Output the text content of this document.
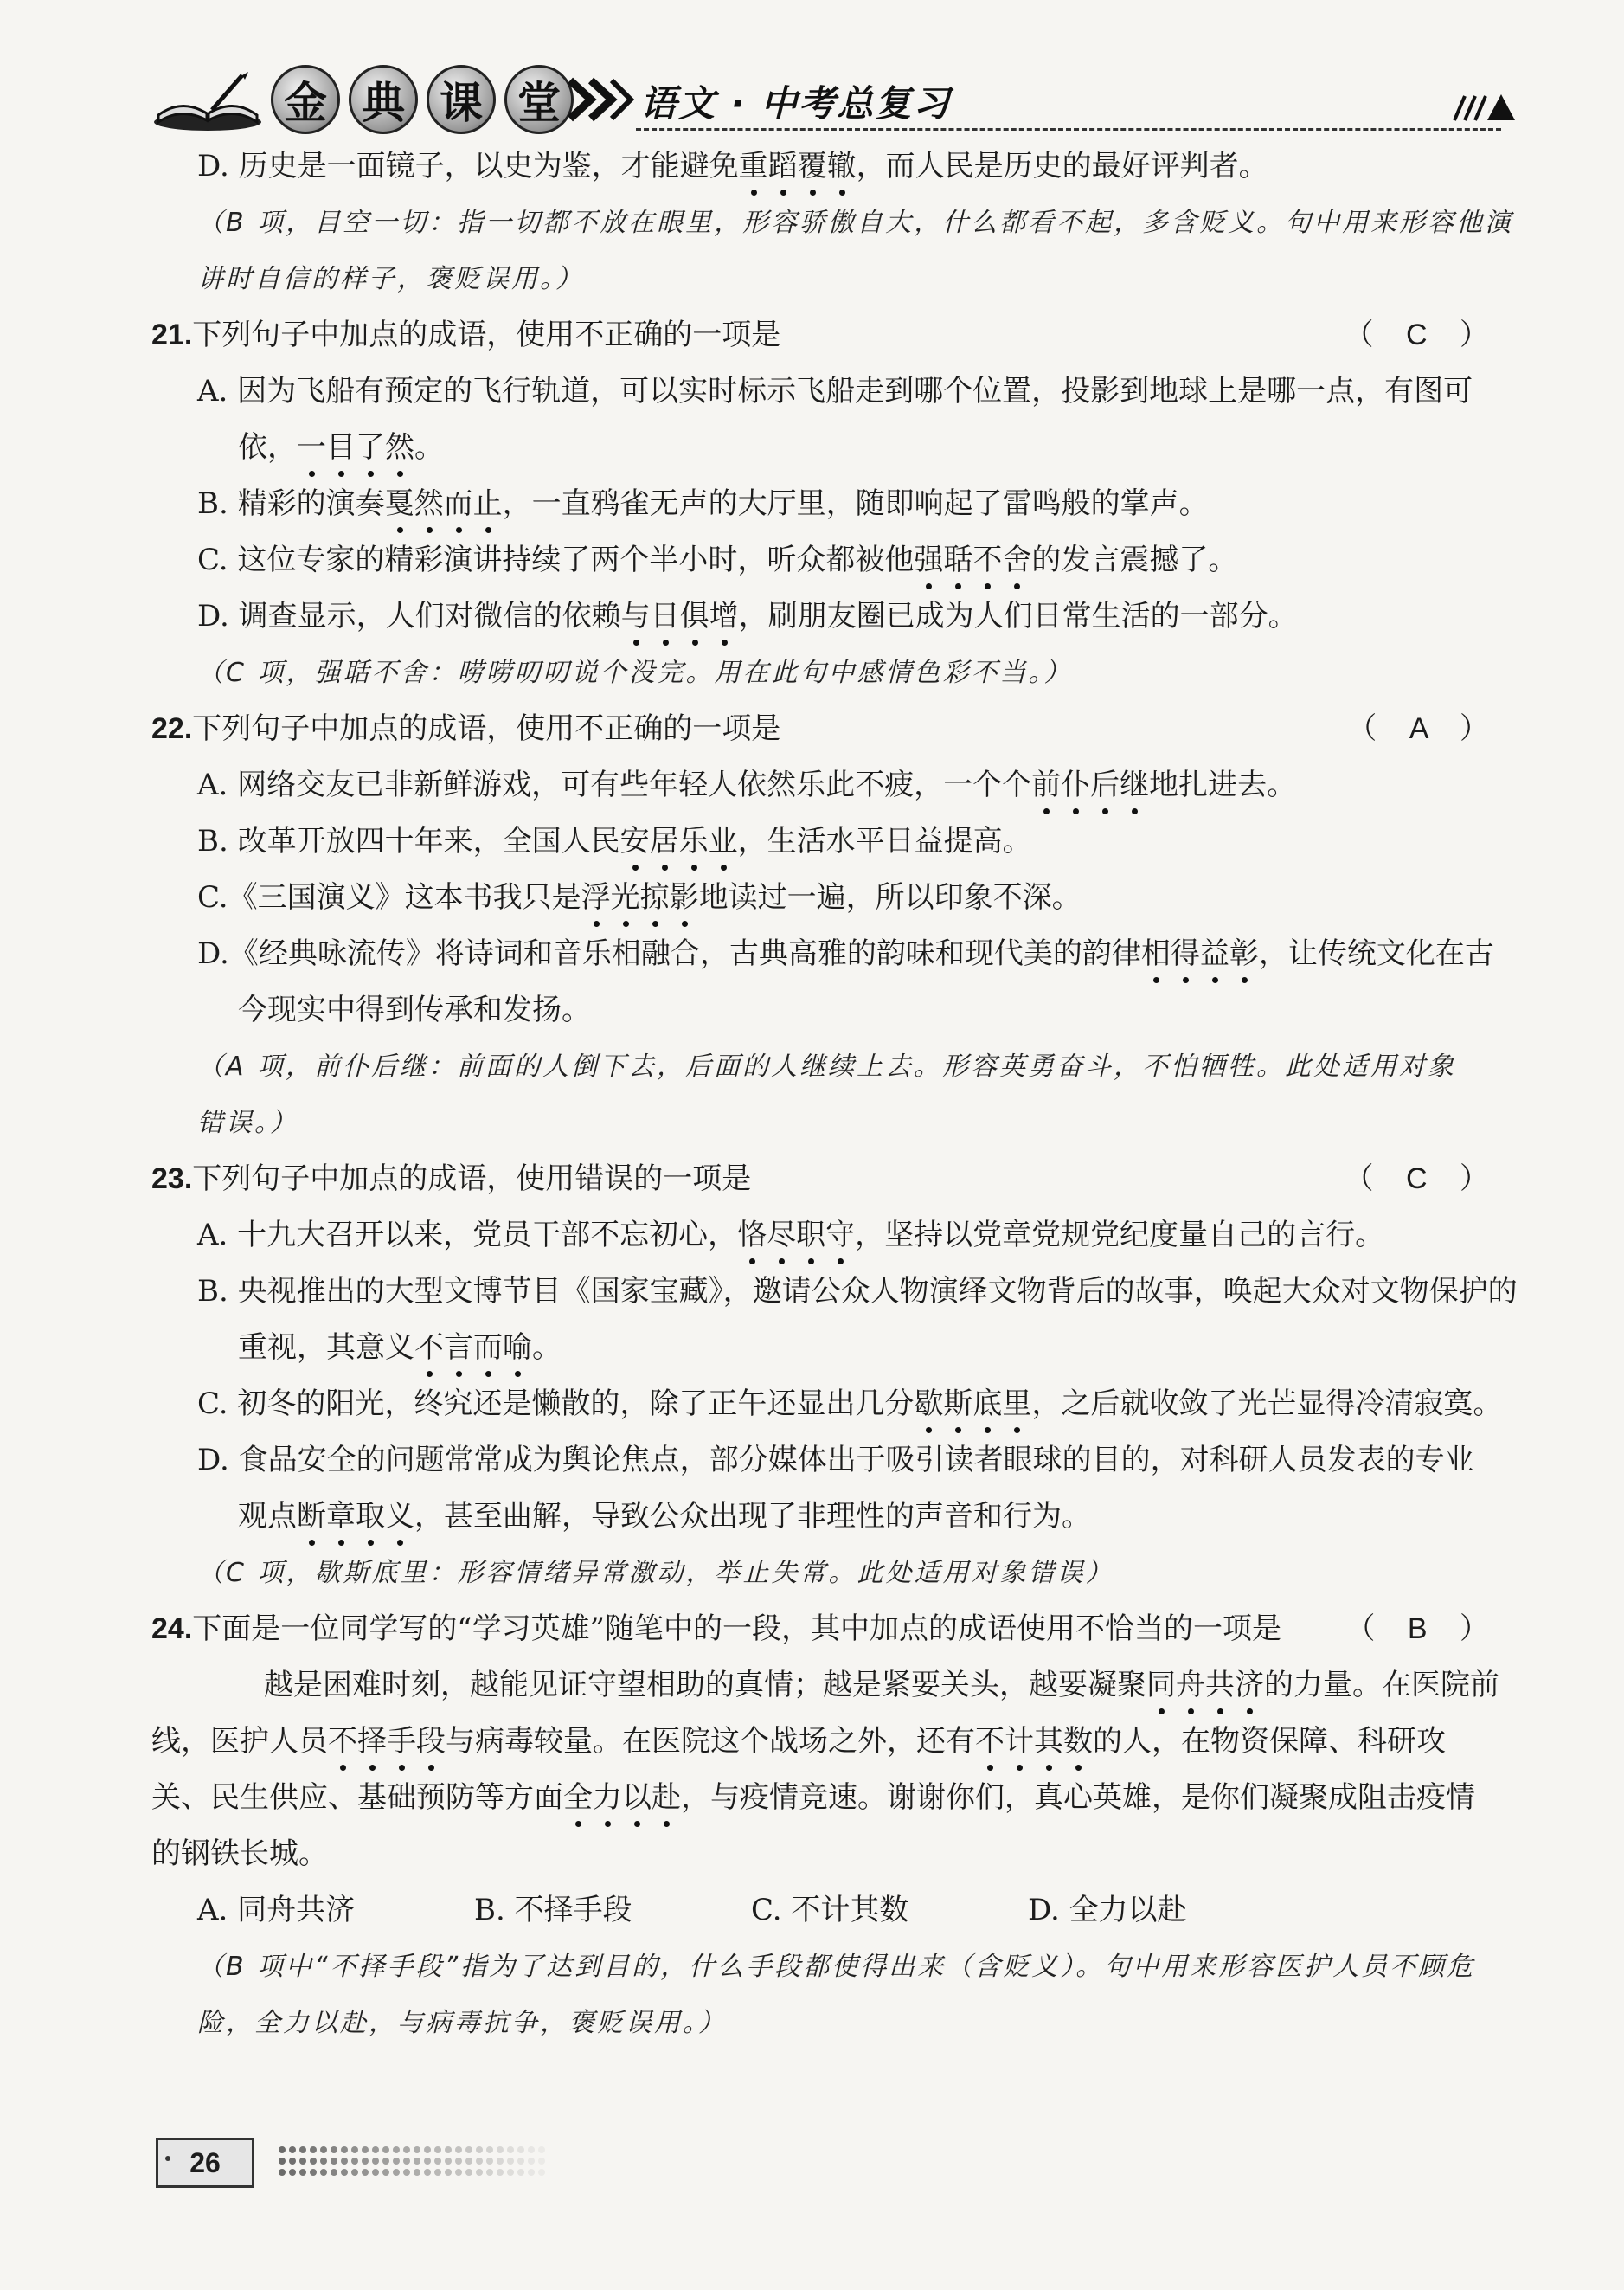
金 典 课 堂	语文 · 中考总复习
D. 历史是一面镜子，以史为鉴，才能避免重蹈覆辙，而人民是历史的最好评判者。
（B 项，目空一切：指一切都不放在眼里，形容骄傲自大，什么都看不起，多含贬义。句中用来形容他演
讲时自信的样子，褒贬误用。）
21.下列句子中加点的成语，使用不正确的一项是	（ C ）
A. 因为飞船有预定的飞行轨道，可以实时标示飞船走到哪个位置，投影到地球上是哪一点，有图可
依，一目了然。
B. 精彩的演奏戛然而止，一直鸦雀无声的大厅里，随即响起了雷鸣般的掌声。
C. 这位专家的精彩演讲持续了两个半小时，听众都被他强聒不舍的发言震撼了。
D. 调查显示，人们对微信的依赖与日俱增，刷朋友圈已成为人们日常生活的一部分。
（C 项，强聒不舍：唠唠叨叨说个没完。用在此句中感情色彩不当。）
22.下列句子中加点的成语，使用不正确的一项是	（ A ）
A. 网络交友已非新鲜游戏，可有些年轻人依然乐此不疲，一个个前仆后继地扎进去。
B. 改革开放四十年来，全国人民安居乐业，生活水平日益提高。
C.《三国演义》这本书我只是浮光掠影地读过一遍，所以印象不深。
D.《经典咏流传》将诗词和音乐相融合，古典高雅的韵味和现代美的韵律相得益彰，让传统文化在古
今现实中得到传承和发扬。
（A 项，前仆后继：前面的人倒下去，后面的人继续上去。形容英勇奋斗，不怕牺牲。此处适用对象
错误。）
23.下列句子中加点的成语，使用错误的一项是	（ C ）
A. 十九大召开以来，党员干部不忘初心，恪尽职守，坚持以党章党规党纪度量自己的言行。
B. 央视推出的大型文博节目《国家宝藏》，邀请公众人物演绎文物背后的故事，唤起大众对文物保护的
重视，其意义不言而喻。
C. 初冬的阳光，终究还是懒散的，除了正午还显出几分歇斯底里，之后就收敛了光芒显得冷清寂寞。
D. 食品安全的问题常常成为舆论焦点，部分媒体出于吸引读者眼球的目的，对科研人员发表的专业
观点断章取义，甚至曲解，导致公众出现了非理性的声音和行为。
（C 项，歇斯底里：形容情绪异常激动，举止失常。此处适用对象错误）
24.下面是一位同学写的“学习英雄”随笔中的一段，其中加点的成语使用不恰当的一项是 （ B ）
越是困难时刻，越能见证守望相助的真情；越是紧要关头，越要凝聚同舟共济的力量。在医院前
线，医护人员不择手段与病毒较量。在医院这个战场之外，还有不计其数的人，在物资保障、科研攻
关、民生供应、基础预防等方面全力以赴，与疫情竞速。谢谢你们，真心英雄，是你们凝聚成阻击疫情
的钢铁长城。
A. 同舟共济	B. 不择手段	C. 不计其数	D. 全力以赴
（B 项中“不择手段”指为了达到目的，什么手段都使得出来（含贬义）。句中用来形容医护人员不顾危
险，全力以赴，与病毒抗争，褒贬误用。）
26
